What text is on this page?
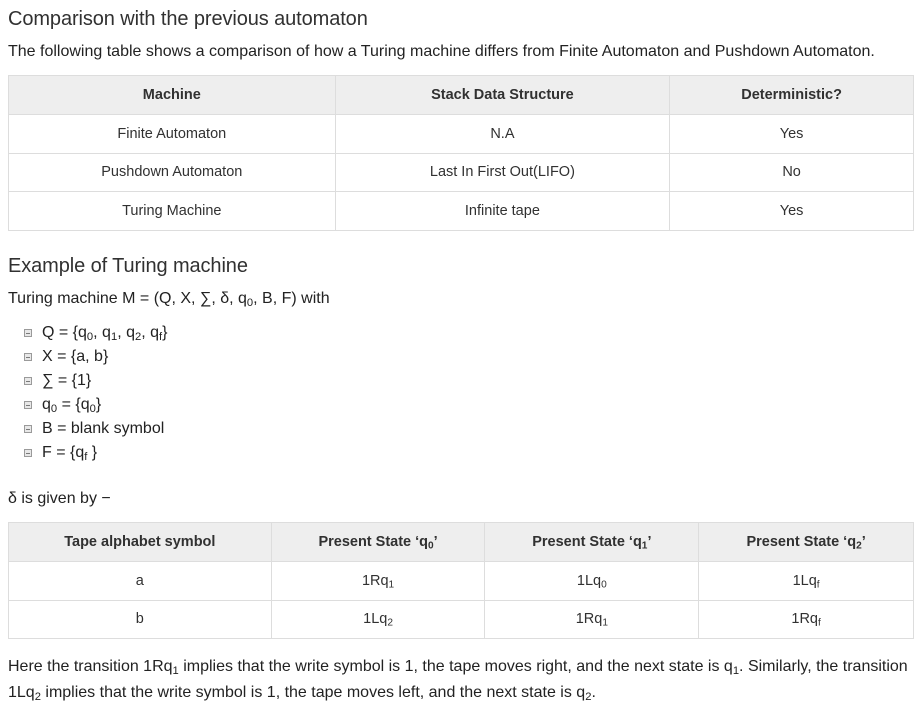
Comparison with the previous automaton

The following table shows a comparison of how a Turing machine differs from Finite Automaton and Pushdown Automaton.

Machine	Stack Data Structure	Deterministic?
Finite Automaton	N.A	Yes
Pushdown Automaton	Last In First Out(LIFO)	No
Turing Machine	Infinite tape	Yes
Example of Turing machine

Turing machine M = (Q, X, ∑, δ, $q_0$, B, F) with

$Q = \{q_0$, $q_1$, $q_2$, $q_f$}
X = {a, b}
∑ = {1}
$q_0 = \{q_0\}$
B = blank symbol
$F = \{q_f$ }

δ is given by −

Tape alphabet symbol	Present State ‘$q_0$’	Present State ‘$q_1$’	Present State ‘$q_2$’
a	$1Rq_1$	$1Lq_0$	$1Lq_f$
b	$1Lq_2$	$1Rq_1$	$1Rq_f$

Here the transition $1Rq_1$ implies that the write symbol is 1, the tape moves right, and the next state is $q_1$. Similarly, the transition $1Lq_2$ implies that the write symbol is 1, the tape moves left, and the next state is $q_2$.
